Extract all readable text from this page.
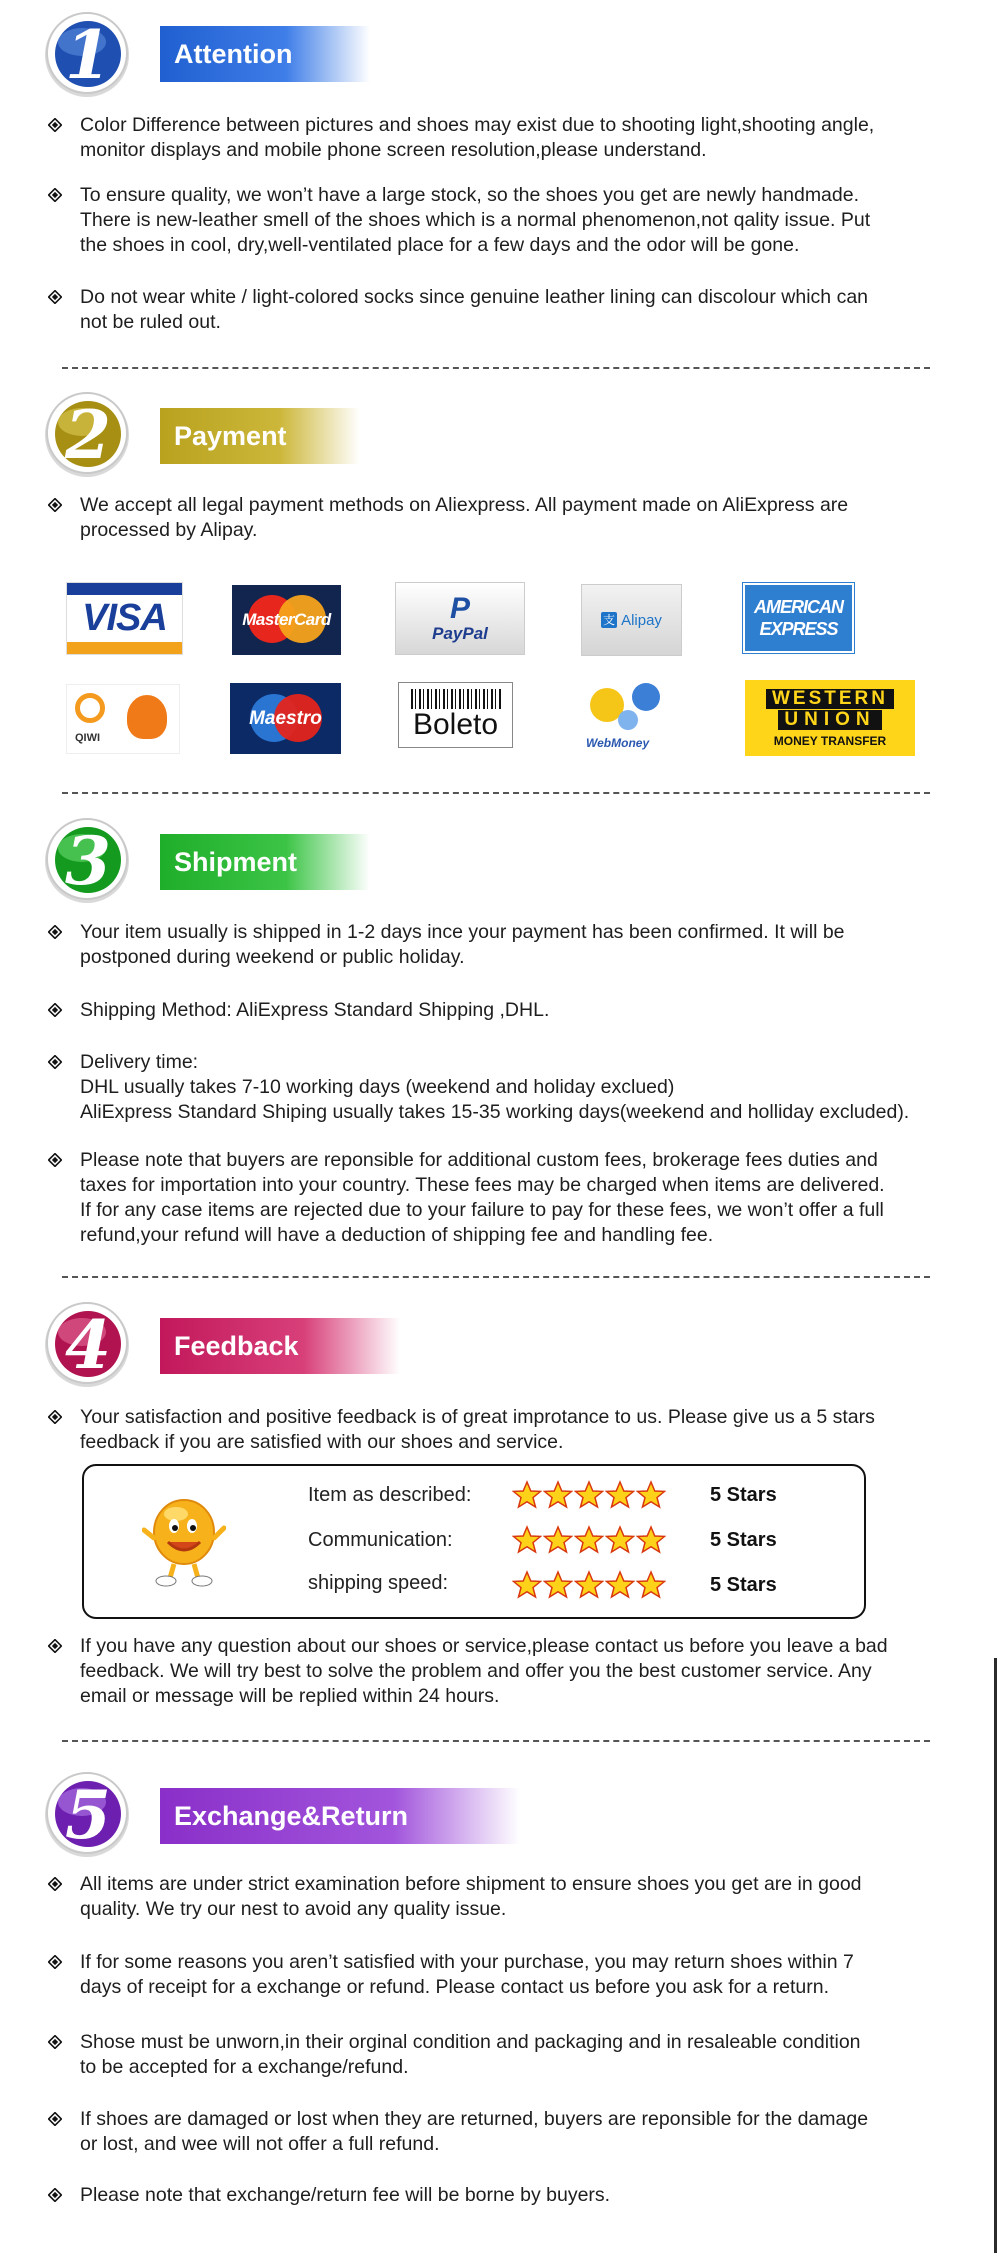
1	Attention
Color Difference between pictures and shoes may exist due to shooting light,shooting angle,
monitor displays and mobile phone screen resolution,please understand.
To ensure quality, we won’t have a large stock, so the shoes you get are newly handmade.
There is new-leather smell of the shoes which is a normal phenomenon,not qality issue. Put
the shoes in cool, dry,well-ventilated place for a few days and the odor will be gone.
Do not wear white / light-colored socks since genuine leather lining can discolour which can
not be ruled out.
2	Payment
We accept all legal payment methods on Aliexpress. All payment made on AliExpress are
processed by Alipay.
VISA	MasterCard	P
PayPal
支 Alipay
AMERICAN
EXPRESS
QIWI
Maestro	Boleto
WebMoney
WESTERN
UNION
MONEY TRANSFER
3	Shipment
Your item usually is shipped in 1-2 days ince your payment has been confirmed. It will be
postponed during weekend or public holiday.
Shipping Method: AliExpress Standard Shipping ,DHL.
Delivery time:
DHL usually takes 7-10 working days (weekend and holiday exclued)
AliExpress Standard Shiping usually takes 15-35 working days(weekend and holliday excluded).
Please note that buyers are reponsible for additional custom fees, brokerage fees duties and
taxes for importation into your country. These fees may be charged when items are delivered.
If for any case items are rejected due to your failure to pay for these fees, we won’t offer a full
refund,your refund will have a deduction of shipping fee and handling fee.
4	Feedback
Your satisfaction and positive feedback is of great improtance to us. Please give us a 5 stars
feedback if you are satisfied with our shoes and service.
Item as described:	5 Stars
Communication:	5 Stars
shipping speed:	5 Stars
If you have any question about our shoes or service,please contact us before you leave a bad
feedback. We will try best to solve the problem and offer you the best customer service. Any
email or message will be replied within 24 hours.
5	Exchange&Return
All items are under strict examination before shipment to ensure shoes you get are in good
quality. We try our nest to avoid any quality issue.
If for some reasons you aren’t satisfied with your purchase, you may return shoes within 7
days of receipt for a exchange or refund. Please contact us before you ask for a return.
Shose must be unworn,in their orginal condition and packaging and in resaleable condition
to be accepted for a exchange/refund.
If shoes are damaged or lost when they are returned, buyers are reponsible for the damage
or lost, and wee will not offer a full refund.
Please note that exchange/return fee will be borne by buyers.
